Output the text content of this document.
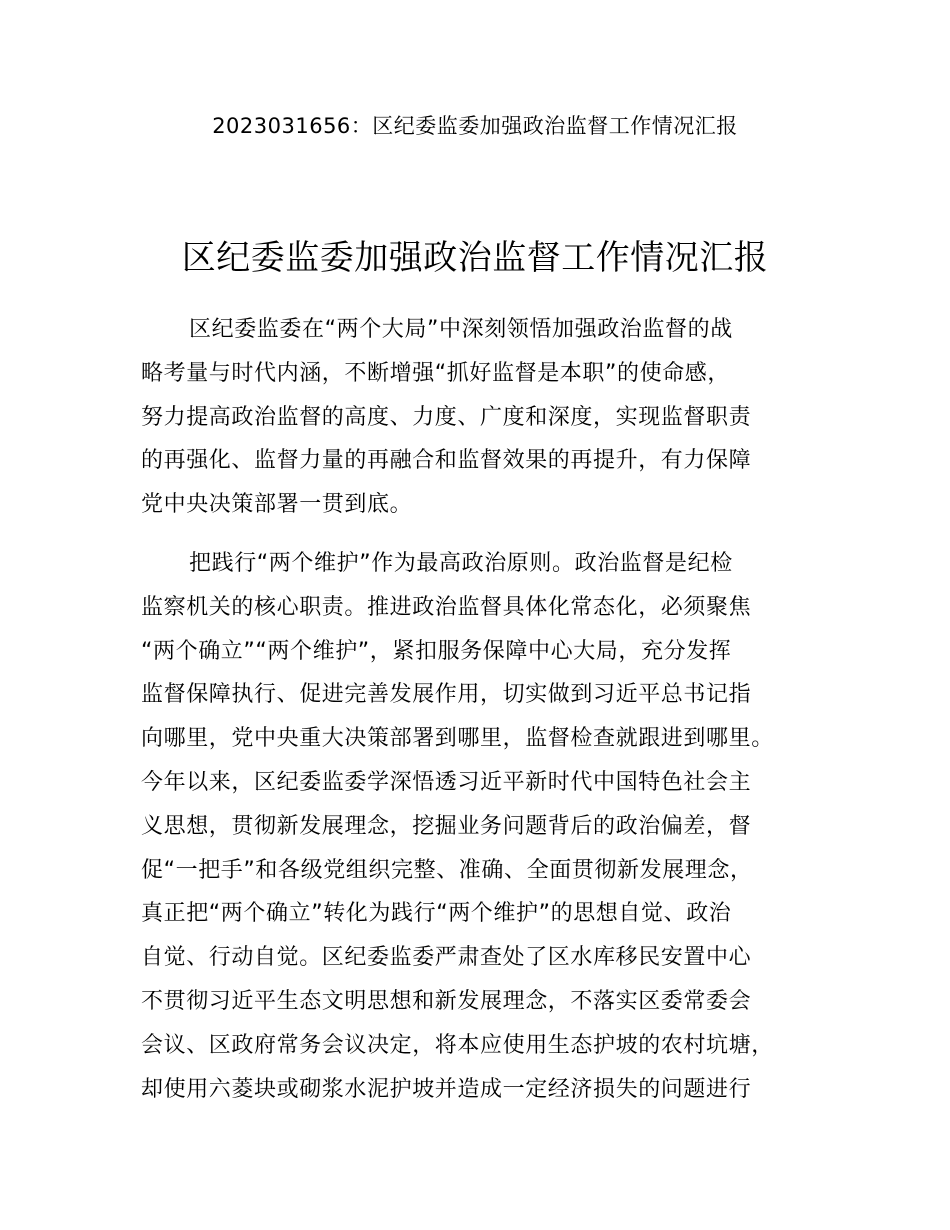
2023031656：区纪委监委加强政治监督工作情况汇报
区纪委监委加强政治监督工作情况汇报
区纪委监委在“两个大局”中深刻领悟加强政治监督的战
略考量与时代内涵，不断增强“抓好监督是本职”的使命感，
努力提高政治监督的高度、力度、广度和深度，实现监督职责
的再强化、监督力量的再融合和监督效果的再提升，有力保障
党中央决策部署一贯到底。
把践行“两个维护”作为最高政治原则。政治监督是纪检
监察机关的核心职责。推进政治监督具体化常态化，必须聚焦
“两个确立”“两个维护”，紧扣服务保障中心大局，充分发挥
监督保障执行、促进完善发展作用，切实做到习近平总书记指
向哪里，党中央重大决策部署到哪里，监督检查就跟进到哪里。
今年以来，区纪委监委学深悟透习近平新时代中国特色社会主
义思想，贯彻新发展理念，挖掘业务问题背后的政治偏差，督
促“一把手”和各级党组织完整、准确、全面贯彻新发展理念，
真正把“两个确立”转化为践行“两个维护”的思想自觉、政治
自觉、行动自觉。区纪委监委严肃查处了区水库移民安置中心
不贯彻习近平生态文明思想和新发展理念，不落实区委常委会
会议、区政府常务会议决定，将本应使用生态护坡的农村坑塘，
却使用六菱块或砌浆水泥护坡并造成一定经济损失的问题进行
